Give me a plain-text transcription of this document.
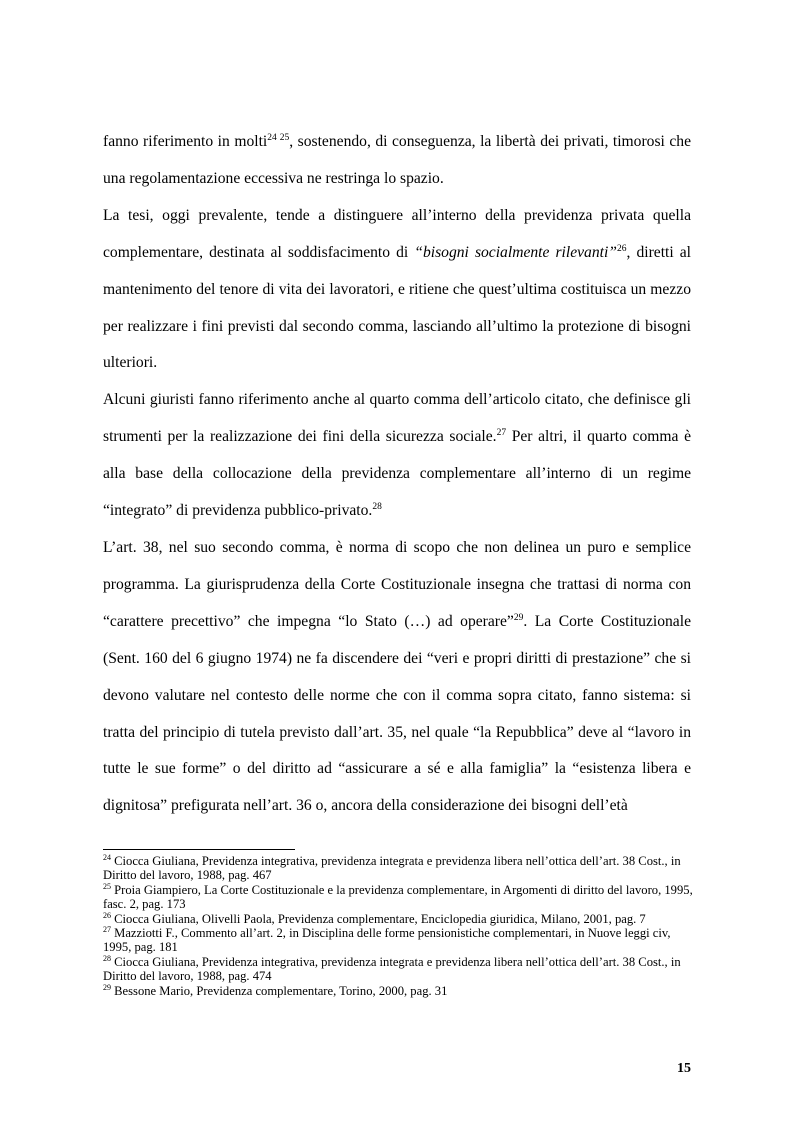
fanno riferimento in molti$^{24 25}$, sostenendo, di conseguenza, la libertà dei privati, timorosi che una regolamentazione eccessiva ne restringa lo spazio.

La tesi, oggi prevalente, tende a distinguere all’interno della previdenza privata quella complementare, destinata al soddisfacimento di “bisogni socialmente rilevanti”$^{26}$, diretti al mantenimento del tenore di vita dei lavoratori, e ritiene che quest’ultima costituisca un mezzo per realizzare i fini previsti dal secondo comma, lasciando all’ultimo la protezione di bisogni ulteriori.

Alcuni giuristi fanno riferimento anche al quarto comma dell’articolo citato, che definisce gli strumenti per la realizzazione dei fini della sicurezza sociale.$^{27}$ Per altri, il quarto comma è alla base della collocazione della previdenza complementare all’interno di un regime “integrato” di previdenza pubblico-privato.$^{28}$

L’art. 38, nel suo secondo comma, è norma di scopo che non delinea un puro e semplice programma. La giurisprudenza della Corte Costituzionale insegna che trattasi di norma con “carattere precettivo” che impegna “lo Stato (…) ad operare”$^{29}$. La Corte Costituzionale (Sent. 160 del 6 giugno 1974) ne fa discendere dei “veri e propri diritti di prestazione” che si devono valutare nel contesto delle norme che con il comma sopra citato, fanno sistema: si tratta del principio di tutela previsto dall’art. 35, nel quale “la Repubblica” deve al “lavoro in tutte le sue forme” o del diritto ad “assicurare a sé e alla famiglia” la “esistenza libera e dignitosa” prefigurata nell’art. 36 o, ancora della considerazione dei bisogni dell’età

$^{24}$ Ciocca Giuliana, Previdenza integrativa, previdenza integrata e previdenza libera nell’ottica dell’art. 38 Cost., in Diritto del lavoro, 1988, pag. 467

$^{25}$ Proia Giampiero, La Corte Costituzionale e la previdenza complementare, in Argomenti di diritto del lavoro, 1995, fasc. 2, pag. 173

$^{26}$ Ciocca Giuliana, Olivelli Paola, Previdenza complementare, Enciclopedia giuridica, Milano, 2001, pag. 7

$^{27}$ Mazziotti F., Commento all’art. 2, in Disciplina delle forme pensionistiche complementari, in Nuove leggi civ, 1995, pag. 181

$^{28}$ Ciocca Giuliana, Previdenza integrativa, previdenza integrata e previdenza libera nell’ottica dell’art. 38 Cost., in Diritto del lavoro, 1988, pag. 474

$^{29}$ Bessone Mario, Previdenza complementare, Torino, 2000, pag. 31

15
